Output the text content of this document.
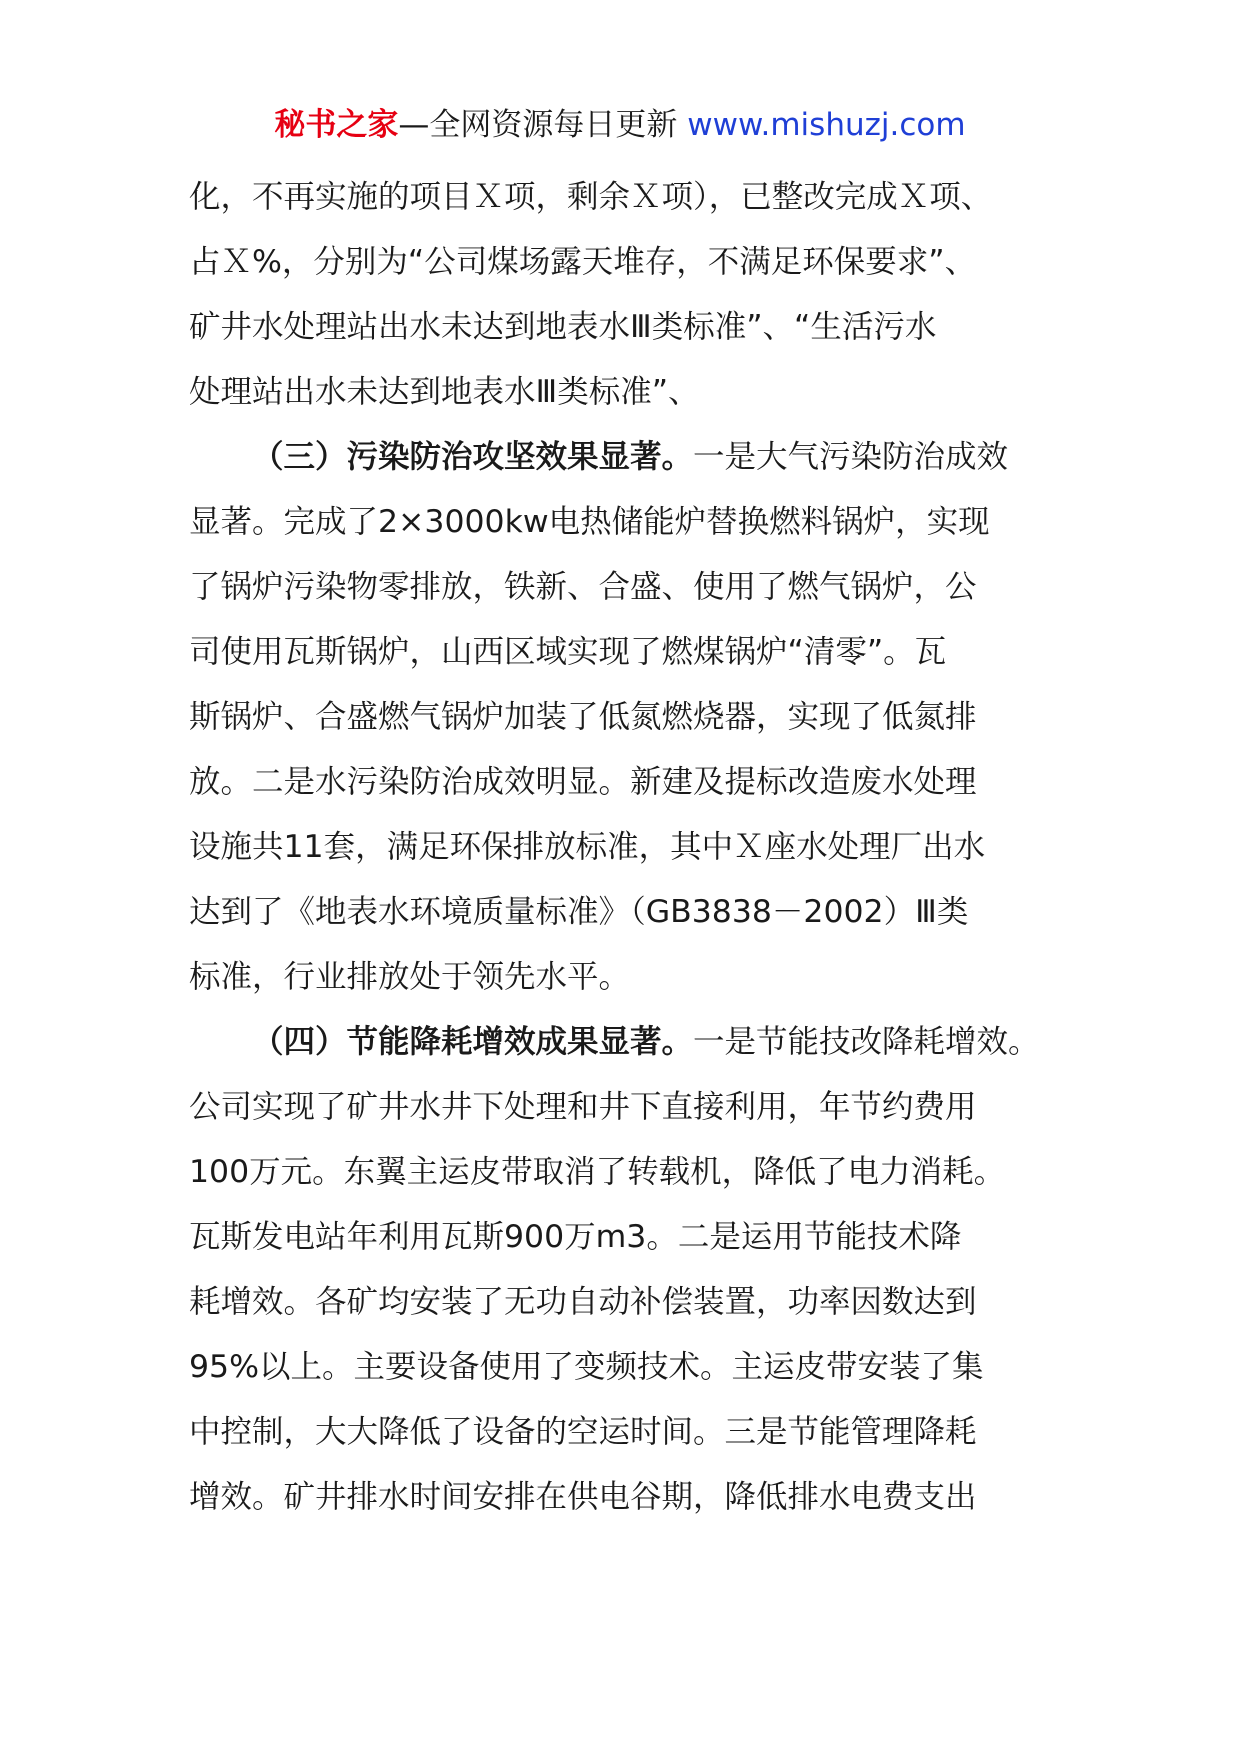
秘书之家—全网资源每日更新 www.mishuzj.com
化，不再实施的项目Ｘ项，剩余Ｘ项），已整改完成Ｘ项、
占Ｘ%，分别为“公司煤场露天堆存，不满足环保要求”、
矿井水处理站出水未达到地表水Ⅲ类标准”、“生活污水
处理站出水未达到地表水Ⅲ类标准”、
（三）污染防治攻坚效果显著。一是大气污染防治成效
显著。完成了2×3000kw电热储能炉替换燃料锅炉，实现
了锅炉污染物零排放，铁新、合盛、使用了燃气锅炉，公
司使用瓦斯锅炉，山西区域实现了燃煤锅炉“清零”。瓦
斯锅炉、合盛燃气锅炉加装了低氮燃烧器，实现了低氮排
放。二是水污染防治成效明显。新建及提标改造废水处理
设施共11套，满足环保排放标准，其中Ｘ座水处理厂出水
达到了《地表水环境质量标准》（GB3838－2002）Ⅲ类
标准，行业排放处于领先水平。
（四）节能降耗增效成果显著。一是节能技改降耗增效。
公司实现了矿井水井下处理和井下直接利用，年节约费用
100万元。东翼主运皮带取消了转载机，降低了电力消耗。
瓦斯发电站年利用瓦斯900万m3。二是运用节能技术降
耗增效。各矿均安装了无功自动补偿装置，功率因数达到
95%以上。主要设备使用了变频技术。主运皮带安装了集
中控制，大大降低了设备的空运时间。三是节能管理降耗
增效。矿井排水时间安排在供电谷期，降低排水电费支出
